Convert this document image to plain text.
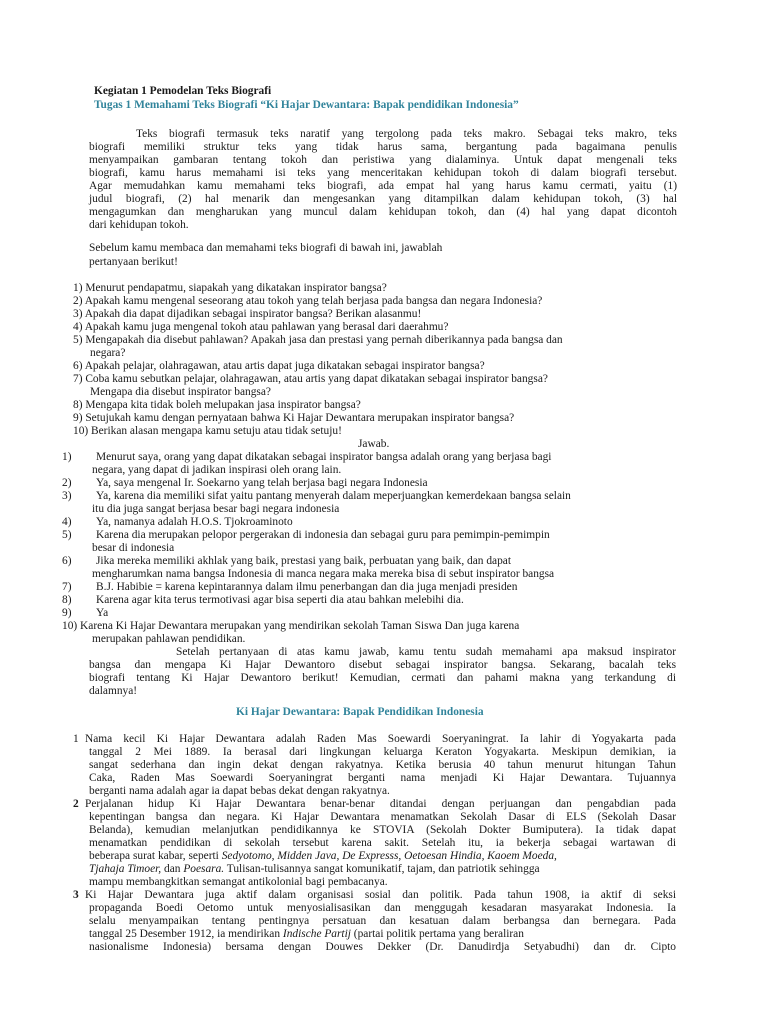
Kegiatan 1 Pemodelan Teks Biografi
Tugas 1 Memahami Teks Biografi “Ki Hajar Dewantara: Bapak pendidikan Indonesia”
Teks biografi termasuk teks naratif yang tergolong pada teks makro. Sebagai teks makro, teks
biografi memiliki struktur teks yang tidak harus sama, bergantung pada bagaimana penulis
menyampaikan gambaran tentang tokoh dan peristiwa yang dialaminya. Untuk dapat mengenali teks
biografi, kamu harus memahami isi teks yang menceritakan kehidupan tokoh di dalam biografi tersebut.
Agar memudahkan kamu memahami teks biografi, ada empat hal yang harus kamu cermati, yaitu (1)
judul biografi, (2) hal menarik dan mengesankan yang ditampilkan dalam kehidupan tokoh, (3) hal
mengagumkan dan mengharukan yang muncul dalam kehidupan tokoh, dan (4) hal yang dapat dicontoh
dari kehidupan tokoh.
Sebelum kamu membaca dan memahami teks biografi di bawah ini, jawablah
pertanyaan berikut!
1) Menurut pendapatmu, siapakah yang dikatakan inspirator bangsa?
2) Apakah kamu mengenal seseorang atau tokoh yang telah berjasa pada bangsa dan negara Indonesia?
3) Apakah dia dapat dijadikan sebagai inspirator bangsa? Berikan alasanmu!
4) Apakah kamu juga mengenal tokoh atau pahlawan yang berasal dari daerahmu?
5) Mengapakah dia disebut pahlawan? Apakah jasa dan prestasi yang pernah diberikannya pada bangsa dan
negara?
6) Apakah pelajar, olahragawan, atau artis dapat juga dikatakan sebagai inspirator bangsa?
7) Coba kamu sebutkan pelajar, olahragawan, atau artis yang dapat dikatakan sebagai inspirator bangsa?
Mengapa dia disebut inspirator bangsa?
8) Mengapa kita tidak boleh melupakan jasa inspirator bangsa?
9) Setujukah kamu dengan pernyataan bahwa Ki Hajar Dewantara merupakan inspirator bangsa?
10) Berikan alasan mengapa kamu setuju atau tidak setuju!
Jawab.
1) Menurut saya, orang yang dapat dikatakan sebagai inspirator bangsa adalah orang yang berjasa bagi
negara, yang dapat di jadikan inspirasi oleh orang lain.
2) Ya, saya mengenal Ir. Soekarno yang telah berjasa bagi negara Indonesia
3) Ya, karena dia memiliki sifat yaitu pantang menyerah dalam meperjuangkan kemerdekaan bangsa selain
itu dia juga sangat berjasa besar bagi negara indonesia
4) Ya, namanya adalah H.O.S. Tjokroaminoto
5) Karena dia merupakan pelopor pergerakan di indonesia dan sebagai guru para pemimpin-pemimpin
besar di indonesia
6) Jika mereka memiliki akhlak yang baik, prestasi yang baik, perbuatan yang baik, dan dapat
mengharumkan nama bangsa Indonesia di manca negara maka mereka bisa di sebut inspirator bangsa
7) B.J. Habibie = karena kepintarannya dalam ilmu penerbangan dan dia juga menjadi presiden
8) Karena agar kita terus termotivasi agar bisa seperti dia atau bahkan melebihi dia.
9) Ya
10) Karena Ki Hajar Dewantara merupakan yang mendirikan sekolah Taman Siswa Dan juga karena
merupakan pahlawan pendidikan.
Setelah pertanyaan di atas kamu jawab, kamu tentu sudah memahami apa maksud inspirator
bangsa dan mengapa Ki Hajar Dewantoro disebut sebagai inspirator bangsa. Sekarang, bacalah teks
biografi tentang Ki Hajar Dewantoro berikut! Kemudian, cermati dan pahami makna yang terkandung di
dalamnya!
Ki Hajar Dewantara: Bapak Pendidikan Indonesia
1 Nama kecil Ki Hajar Dewantara adalah Raden Mas Soewardi Soeryaningrat. Ia lahir di Yogyakarta pada
tanggal 2 Mei 1889. Ia berasal dari lingkungan keluarga Keraton Yogyakarta. Meskipun demikian, ia
sangat sederhana dan ingin dekat dengan rakyatnya. Ketika berusia 40 tahun menurut hitungan Tahun
Caka, Raden Mas Soewardi Soeryaningrat berganti nama menjadi Ki Hajar Dewantara. Tujuannya
berganti nama adalah agar ia dapat bebas dekat dengan rakyatnya.
2 Perjalanan hidup Ki Hajar Dewantara benar-benar ditandai dengan perjuangan dan pengabdian pada
kepentingan bangsa dan negara. Ki Hajar Dewantara menamatkan Sekolah Dasar di ELS (Sekolah Dasar
Belanda), kemudian melanjutkan pendidikannya ke STOVIA (Sekolah Dokter Bumiputera). Ia tidak dapat
menamatkan pendidikan di sekolah tersebut karena sakit. Setelah itu, ia bekerja sebagai wartawan di
beberapa surat kabar, seperti Sedyotomo, Midden Java, De Expresss, Oetoesan Hindia, Kaoem Moeda,
Tjahaja Timoer, dan Poesara. Tulisan-tulisannya sangat komunikatif, tajam, dan patriotik sehingga
mampu membangkitkan semangat antikolonial bagi pembacanya.
3 Ki Hajar Dewantara juga aktif dalam organisasi sosial dan politik. Pada tahun 1908, ia aktif di seksi
propaganda Boedi Oetomo untuk menyosialisasikan dan menggugah kesadaran masyarakat Indonesia. Ia
selalu menyampaikan tentang pentingnya persatuan dan kesatuan dalam berbangsa dan bernegara. Pada
tanggal 25 Desember 1912, ia mendirikan Indische Partij (partai politik pertama yang beraliran
nasionalisme Indonesia) bersama dengan Douwes Dekker (Dr. Danudirdja Setyabudhi) dan dr. Cipto
